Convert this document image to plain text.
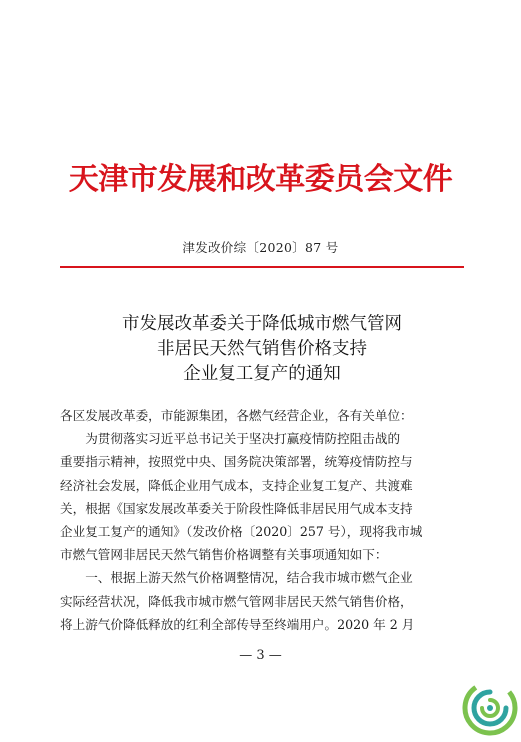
天津市发展和改革委员会文件
津发改价综〔2020〕87 号
市发展改革委关于降低城市燃气管网
非居民天然气销售价格支持
企业复工复产的通知

各区发展改革委，市能源集团，各燃气经营企业，各有关单位：

为贯彻落实习近平总书记关于坚决打赢疫情防控阻击战的

重要指示精神，按照党中央、国务院决策部署，统筹疫情防控与

经济社会发展，降低企业用气成本，支持企业复工复产、共渡难

关，根据《国家发展改革委关于阶段性降低非居民用气成本支持

企业复工复产的通知》（发改价格〔2020〕257 号），现将我市城

市燃气管网非居民天然气销售价格调整有关事项通知如下：

一、根据上游天然气价格调整情况，结合我市城市燃气企业

实际经营状况，降低我市城市燃气管网非居民天然气销售价格，

将上游气价降低释放的红利全部传导至终端用户。2020 年 2 月

— 3 —
